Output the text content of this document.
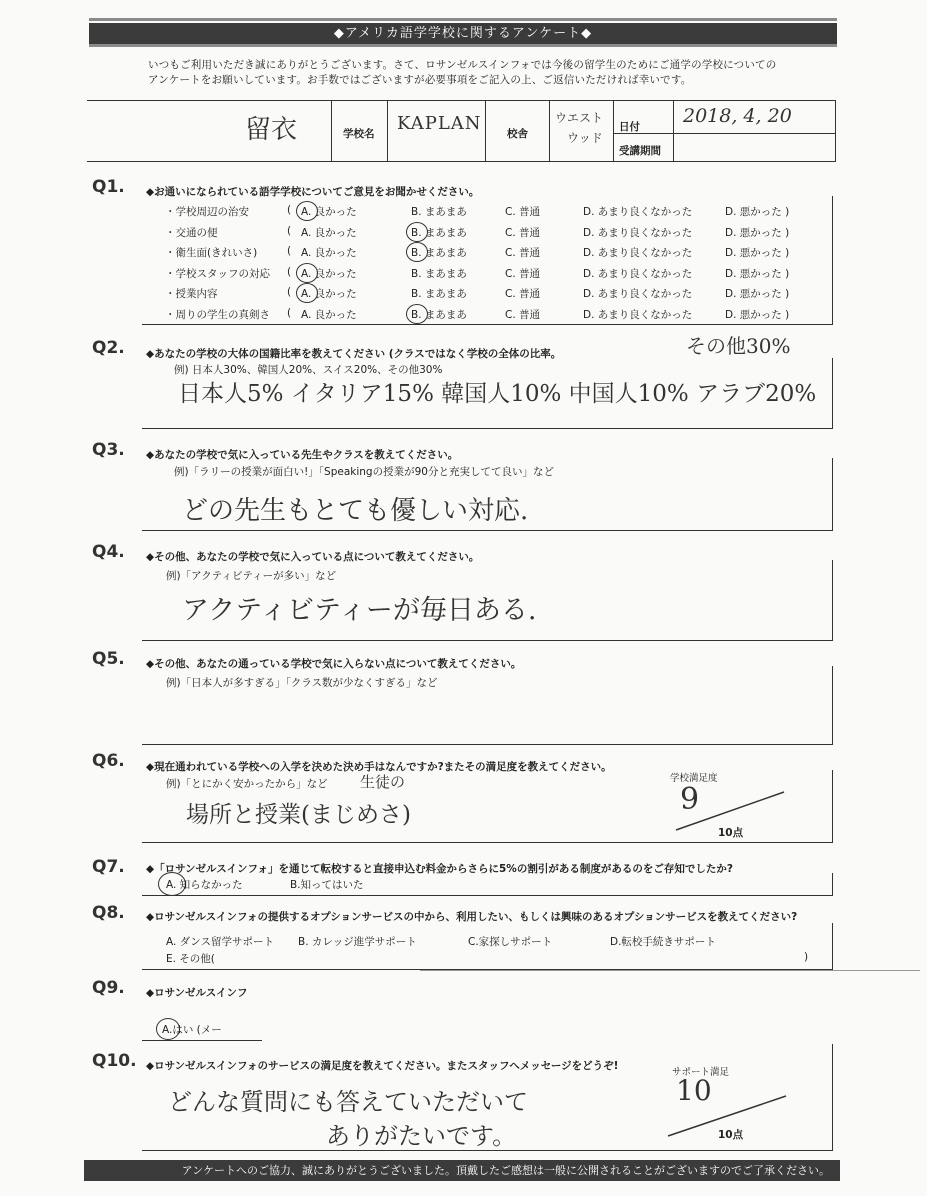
◆アメリカ語学学校に関するアンケート◆
いつもご利用いただき誠にありがとうございます。さて、ロサンゼルスインフォでは今後の留学生のためにご通学の学校についての
アンケートをお願いしています。お手数ではございますが必要事項をご記入の上、ご返信いただければ幸いです。
留衣	学校名 KAPLAN 校舎
ウエスト
ウッド
日付 2018, 4, 20
受講期間
Q1. ◆お通いになられている語学学校についてご意見をお聞かせください。
・学校周辺の治安	( A. 良かった	B. まあまあ	C. 普通	D. あまり良くなかった	D. 悪かった )
・交通の便	( A. 良かった	B. まあまあ	C. 普通	D. あまり良くなかった	D. 悪かった )
・衛生面(きれいさ)	( A. 良かった	B. まあまあ	C. 普通	D. あまり良くなかった	D. 悪かった )
・学校スタッフの対応 ( A. 良かった	B. まあまあ	C. 普通	D. あまり良くなかった	D. 悪かった )
・授業内容	( A. 良かった	B. まあまあ	C. 普通	D. あまり良くなかった	D. 悪かった )
・周りの学生の真剣さ ( A. 良かった	B. まあまあ	C. 普通	D. あまり良くなかった	D. 悪かった )
Q2. ◆あなたの学校の大体の国籍比率を教えてください (クラスではなく学校の全体の比率。
例) 日本人30%、韓国人20%、スイス20%、その他30%
その他30%
日本人5% イタリア15% 韓国人10% 中国人10% アラブ20%
Q3. ◆あなたの学校で気に入っている先生やクラスを教えてください。
例)「ラリーの授業が面白い!」「Speakingの授業が90分と充実してて良い」など
どの先生もとても優しい対応.
Q4. ◆その他、あなたの学校で気に入っている点について教えてください。
例)「アクティビティーが多い」など
アクティビティーが毎日ある.
Q5. ◆その他、あなたの通っている学校で気に入らない点について教えてください。
例)「日本人が多すぎる」「クラス数が少なくすぎる」など
Q6. ◆現在通われている学校への入学を決めた決め手はなんですか?またその満足度を教えてください。
例)「とにかく安かったから」など 生徒の
場所と授業(まじめさ)
学校満足度
9
10点
Q7. ◆「ロサンゼルスインフォ」を通じて転校すると直接申込む料金からさらに5%の割引がある制度があるのをご存知でしたか?
A. 知らなかった	B.知ってはいた
Q8. ◆ロサンゼルスインフォの提供するオプションサービスの中から、利用したい、もしくは興味のあるオプションサービスを教えてください?
A. ダンス留学サポート B. カレッジ進学サポート	C.家探しサポート	D.転校手続きサポート
E. その他(	)
Q9. ◆ロサンゼルスインフ
A.はい (メー
Q10. ◆ロサンゼルスインフォのサービスの満足度を教えてください。またスタッフへメッセージをどうぞ!
どんな質問にも答えていただいて
ありがたいです。
サポート満足
10
10点
アンケートへのご協力、誠にありがとうございました。頂戴したご感想は一般に公開されることがございますのでご了承ください。
